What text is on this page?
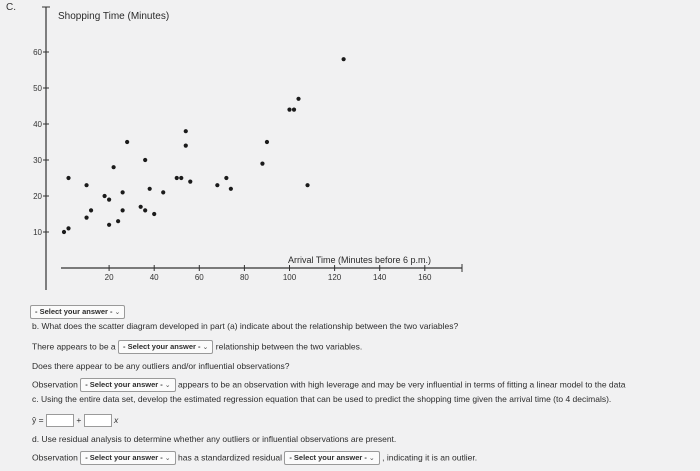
C.
10
20
30
40
50
60
20	40	60	80	100	120	140	160
Shopping Time (Minutes)
Arrival Time (Minutes before 6 p.m.)
- Select your answer - ⌄
b. What does the scatter diagram developed in part (a) indicate about the relationship between the two variables?
There appears to be a - Select your answer - ⌄ relationship between the two variables.
Does there appear to be any outliers and/or influential observations?
Observation - Select your answer - ⌄ appears to be an observation with high leverage and may be very influential in terms of fitting a linear model to the data
c. Using the entire data set, develop the estimated regression equation that can be used to predict the shopping time given the arrival time (to 4 decimals).
ŷ =	+	x
d. Use residual analysis to determine whether any outliers or influential observations are present.
Observation - Select your answer - ⌄ has a standardized residual - Select your answer - ⌄ , indicating it is an outlier.
